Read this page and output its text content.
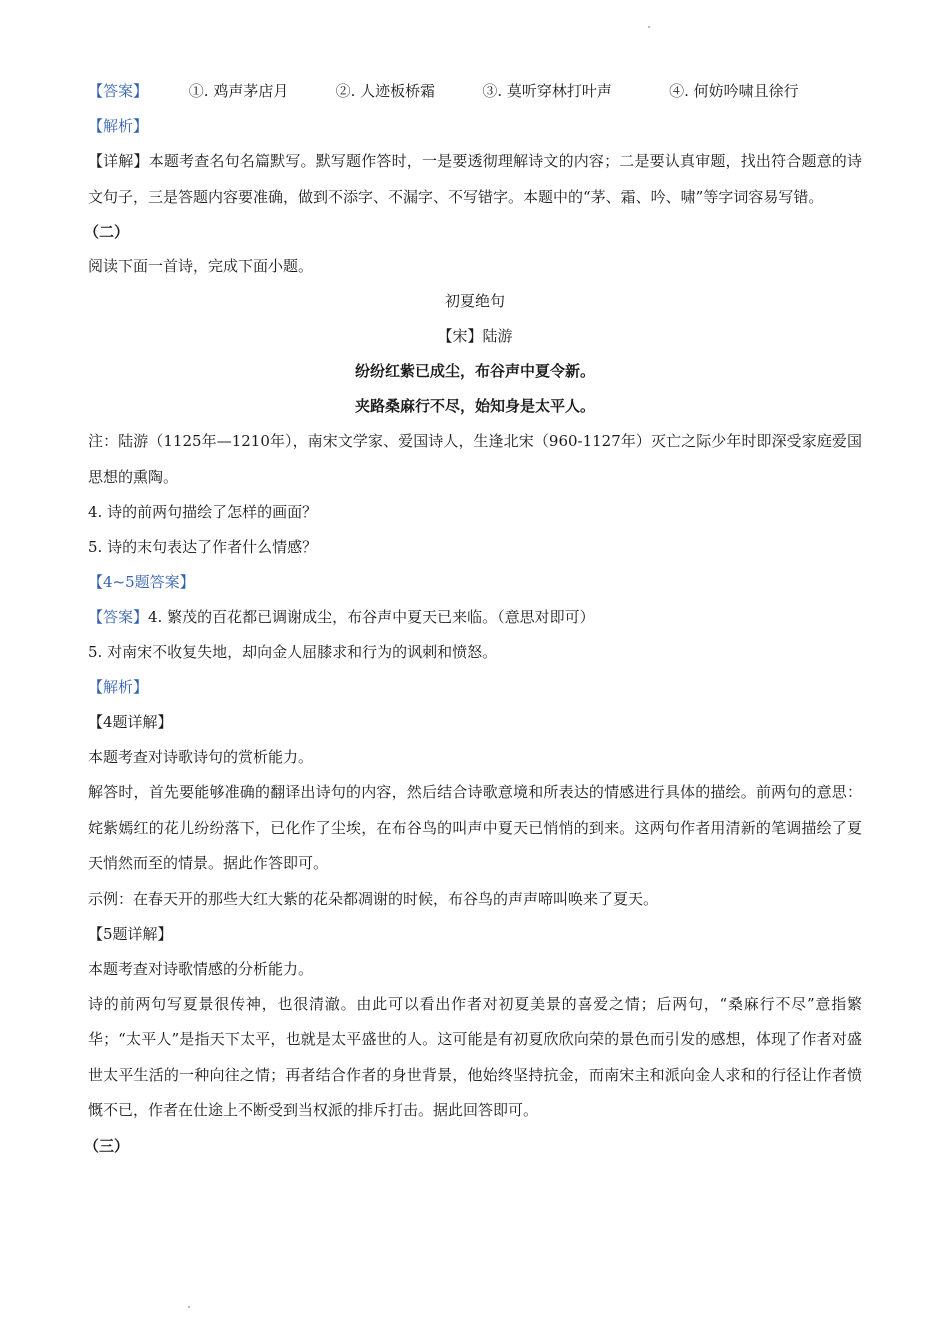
【答案】	①. 鸡声茅店月	②. 人迹板桥霜	③. 莫听穿林打叶声	④. 何妨吟啸且徐行
【解析】
【详解】本题考查名句名篇默写。默写题作答时，一是要透彻理解诗文的内容；二是要认真审题，找出符合题意的诗文句子，三是答题内容要准确，做到不添字、不漏字、不写错字。本题中的“茅、霜、吟、啸”等字词容易写错。
（二）
阅读下面一首诗，完成下面小题。
初夏绝句
【宋】陆游
纷纷红紫已成尘，布谷声中夏令新。
夹路桑麻行不尽，始知身是太平人。
注：陆游（1125年—1210年），南宋文学家、爱国诗人，生逢北宋（960-1127年）灭亡之际少年时即深受家庭爱国思想的熏陶。
4. 诗的前两句描绘了怎样的画面？
5. 诗的末句表达了作者什么情感？
【4~5题答案】
【答案】4. 繁茂的百花都已调谢成尘，布谷声中夏天已来临。（意思对即可）
5. 对南宋不收复失地，却向金人屈膝求和行为的讽刺和愤怒。
【解析】
【4题详解】
本题考查对诗歌诗句的赏析能力。
解答时，首先要能够准确的翻译出诗句的内容，然后结合诗歌意境和所表达的情感进行具体的描绘。前两句的意思：姹紫嫣红的花儿纷纷落下，已化作了尘埃，在布谷鸟的叫声中夏天已悄悄的到来。这两句作者用清新的笔调描绘了夏天悄然而至的情景。据此作答即可。
示例：在春天开的那些大红大紫的花朵都凋谢的时候，布谷鸟的声声啼叫唤来了夏天。
【5题详解】
本题考查对诗歌情感的分析能力。
诗的前两句写夏景很传神，也很清澈。由此可以看出作者对初夏美景的喜爱之情；后两句，“桑麻行不尽”意指繁华；“太平人”是指天下太平，也就是太平盛世的人。这可能是有初夏欣欣向荣的景色而引发的感想，体现了作者对盛世太平生活的一种向往之情；再者结合作者的身世背景，他始终坚持抗金，而南宋主和派向金人求和的行径让作者愤慨不已，作者在仕途上不断受到当权派的排斥打击。据此回答即可。
（三）
